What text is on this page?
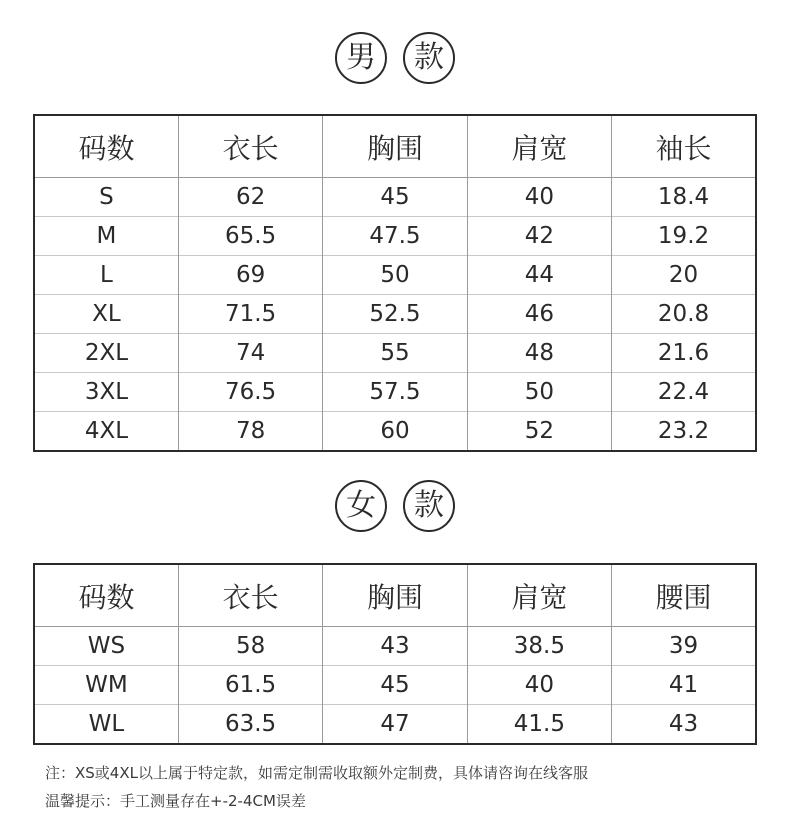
男	款
码数	衣长	胸围	肩宽	袖长
S	62	45	40	18.4
M	65.5	47.5	42	19.2
L	69	50	44	20
XL	71.5	52.5	46	20.8
2XL	74	55	48	21.6
3XL	76.5	57.5	50	22.4
4XL	78	60	52	23.2
女	款
码数	衣长	胸围	肩宽	腰围
WS	58	43	38.5	39
WM	61.5	45	40	41
WL	63.5	47	41.5	43
注：XS或4XL以上属于特定款，如需定制需收取额外定制费，具体请咨询在线客服
温馨提示：手工测量存在+-2-4CM误差
